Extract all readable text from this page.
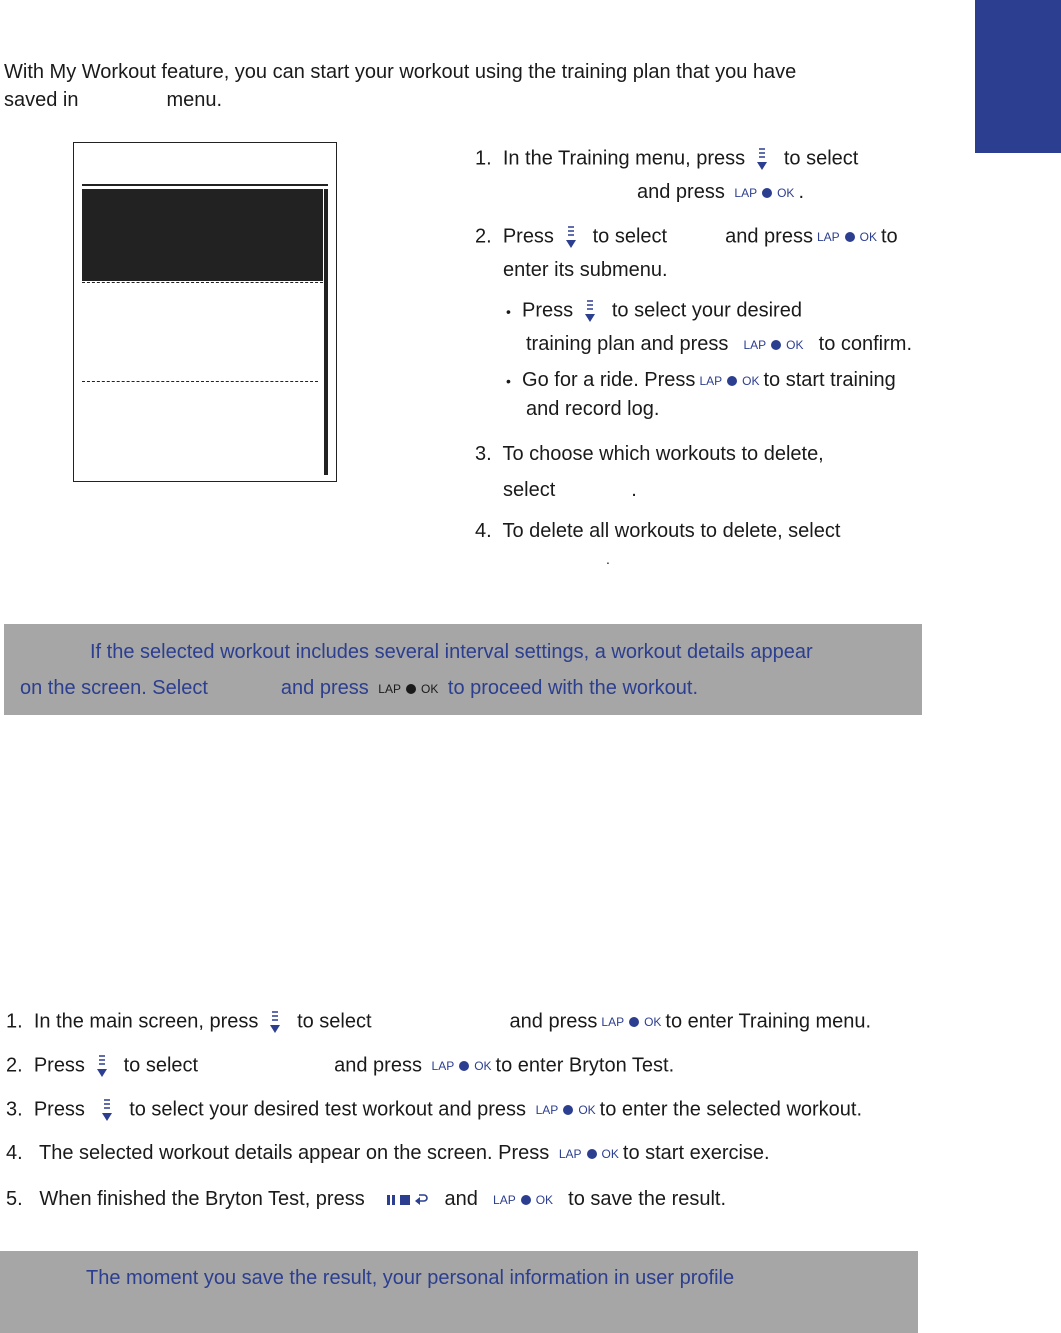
With My Workout feature, you can start your workout using the training plan that you have
saved in	menu.
1. In the Training menu, press to select
and press LAP OK .
2. Press to select	and press LAP OK to
enter its submenu.
• Press to select your desired
training plan and press LAP OK to confirm.
• Go for a ride. Press LAP OK to start training
and record log.
3. To choose which workouts to delete,
select	.
4. To delete all workouts to delete, select
.
If the selected workout includes several interval settings, a workout details appear
on the screen. Select	and press LAP OK to proceed with the workout.
1. In the main screen, press to select	and press LAP OK to enter Training menu.
2. Press to select	and press LAP OK to enter Bryton Test.
3. Press to select your desired test workout and press LAP OK to enter the selected workout.
4. The selected workout details appear on the screen. Press LAP OK to start exercise.
5. When finished the Bryton Test, press	and LAP OK to save the result.
The moment you save the result, your personal information in user profile
